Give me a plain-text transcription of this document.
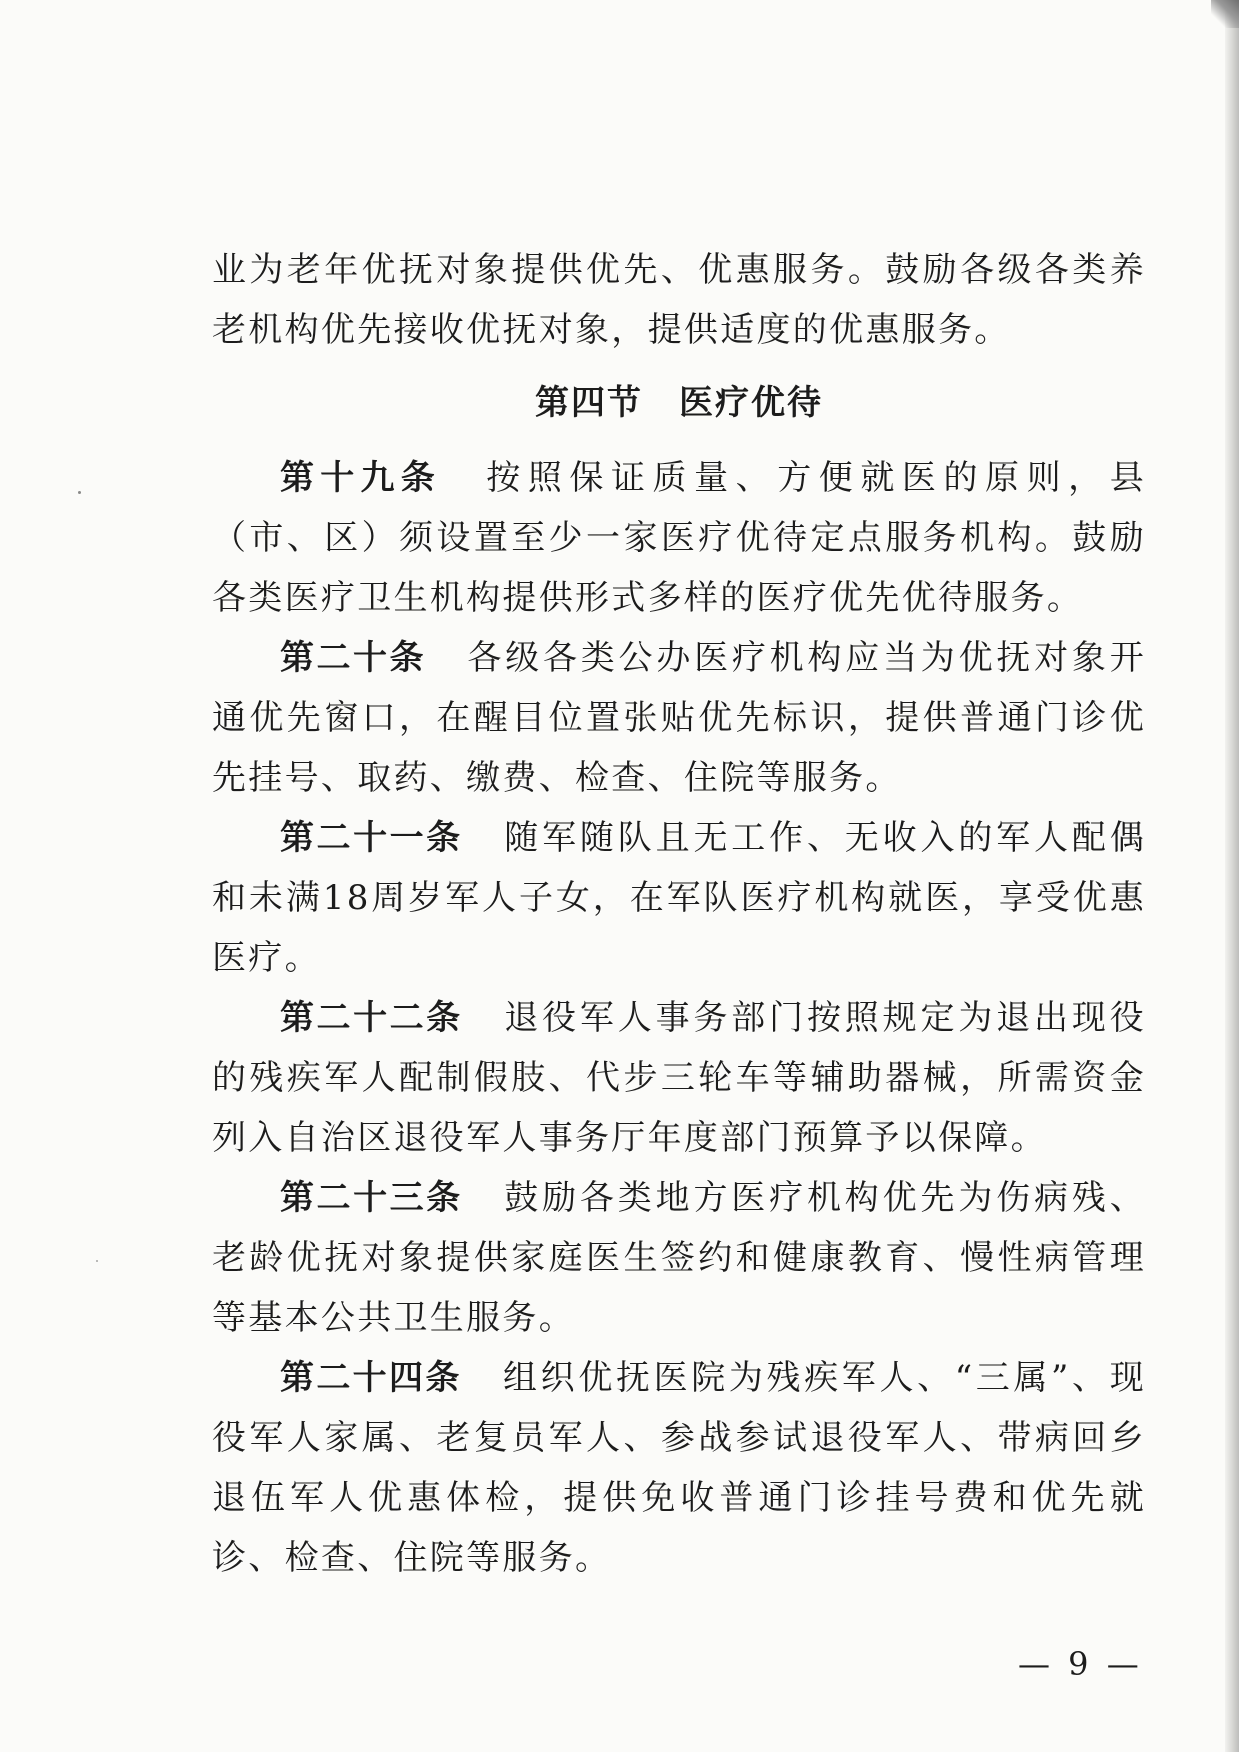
业为老年优抚对象提供优先、优惠服务。鼓励各级各类养老机构优先接收优抚对象，提供适度的优惠服务。

第四节 医疗优待

第十九条 按照保证质量、方便就医的原则，县（市、区）须设置至少一家医疗优待定点服务机构。鼓励各类医疗卫生机构提供形式多样的医疗优先优待服务。

第二十条 各级各类公办医疗机构应当为优抚对象开通优先窗口，在醒目位置张贴优先标识，提供普通门诊优先挂号、取药、缴费、检查、住院等服务。

第二十一条 随军随队且无工作、无收入的军人配偶和未满18周岁军人子女，在军队医疗机构就医，享受优惠医疗。

第二十二条 退役军人事务部门按照规定为退出现役的残疾军人配制假肢、代步三轮车等辅助器械，所需资金列入自治区退役军人事务厅年度部门预算予以保障。

第二十三条 鼓励各类地方医疗机构优先为伤病残、老龄优抚对象提供家庭医生签约和健康教育、慢性病管理等基本公共卫生服务。

第二十四条 组织优抚医院为残疾军人、“三属”、现役军人家属、老复员军人、参战参试退役军人、带病回乡退伍军人优惠体检，提供免收普通门诊挂号费和优先就诊、检查、住院等服务。

— 9 —
